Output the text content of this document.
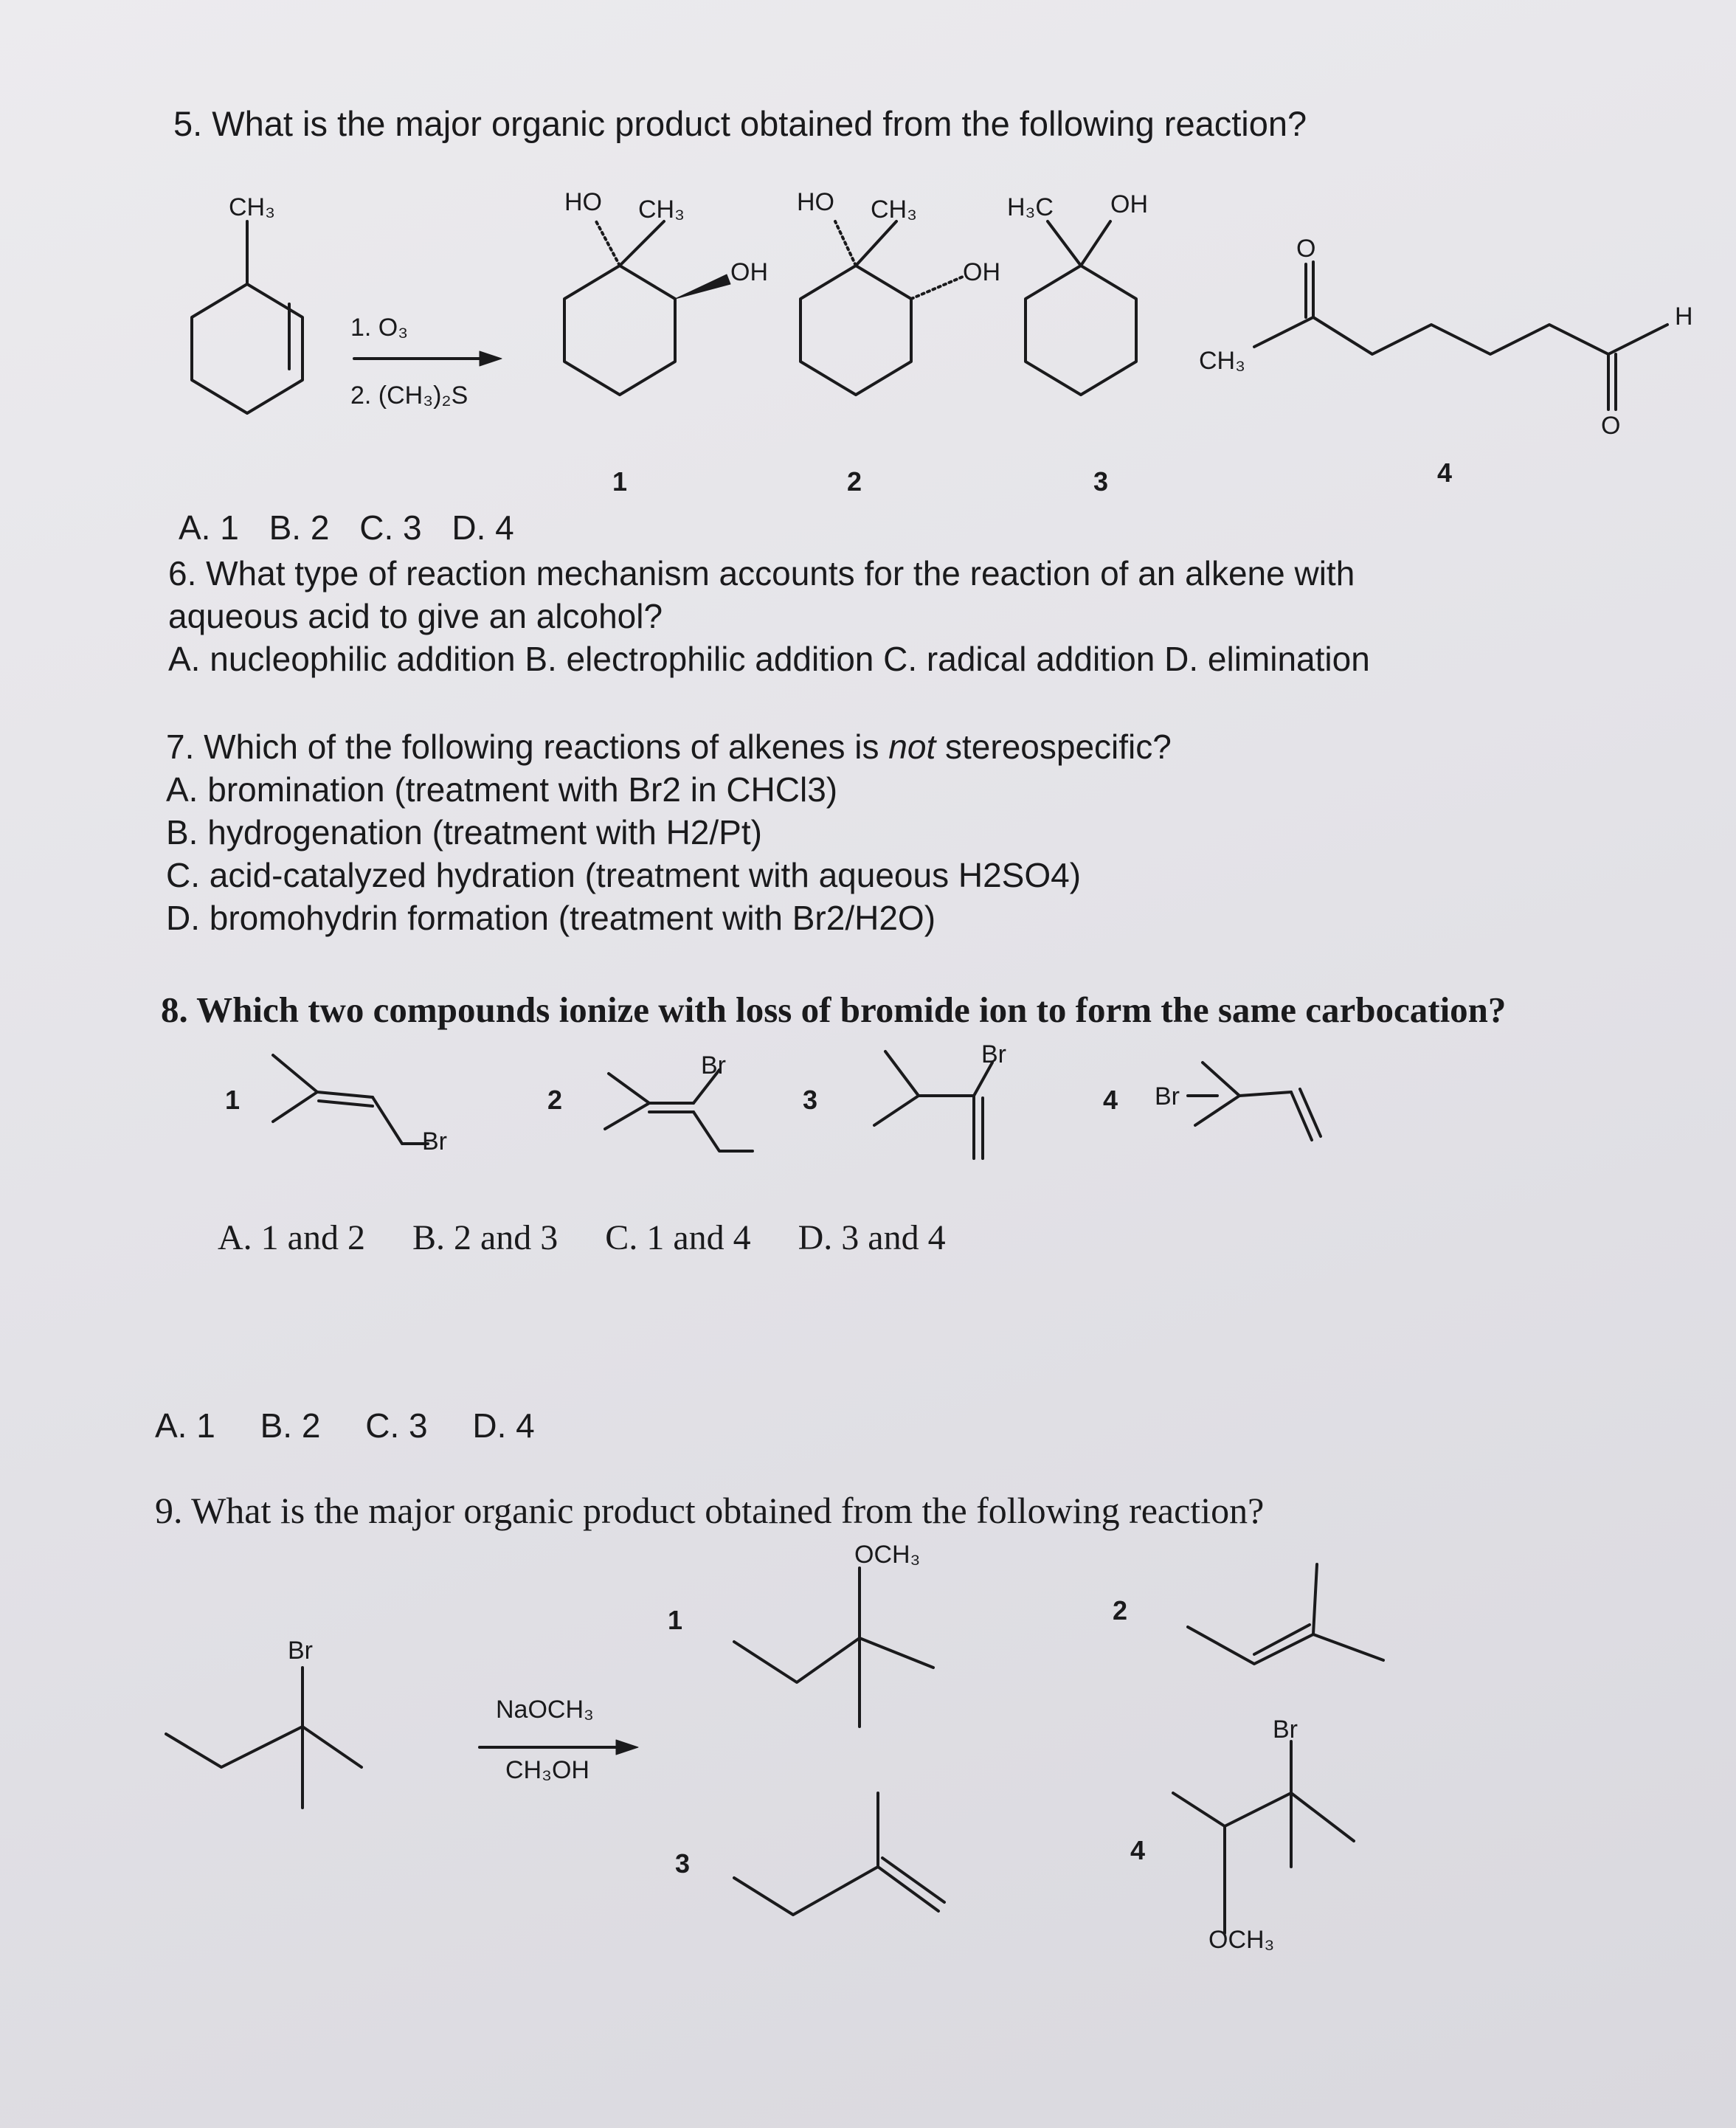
5. What is the major organic product obtained from the following reaction?
CH₃
1. O₃
2. (CH₃)₂S
HO CH₃
OH
HO CH₃
OH
H₃C OH
CH₃
O
O
H
1	2	3	4
A. 1 B. 2 C. 3 D. 4
6. What type of reaction mechanism accounts for the reaction of an alkene with
aqueous acid to give an alcohol?
A. nucleophilic addition B. electrophilic addition C. radical addition D. elimination
7. Which of the following reactions of alkenes is not stereospecific?
A. bromination (treatment with Br2 in CHCl3)
B. hydrogenation (treatment with H2/Pt)
C. acid-catalyzed hydration (treatment with aqueous H2SO4)
D. bromohydrin formation (treatment with Br2/H2O)
8. Which two compounds ionize with loss of bromide ion to form the same carbocation?
1
Br
2
Br
3
Br
4 Br
A. 1 and 2 B. 2 and 3 C. 1 and 4 D. 3 and 4
A. 1 B. 2 C. 3 D. 4
9. What is the major organic product obtained from the following reaction?
Br
NaOCH₃
CH₃OH
1
OCH₃
2
3	4
Br
OCH₃
